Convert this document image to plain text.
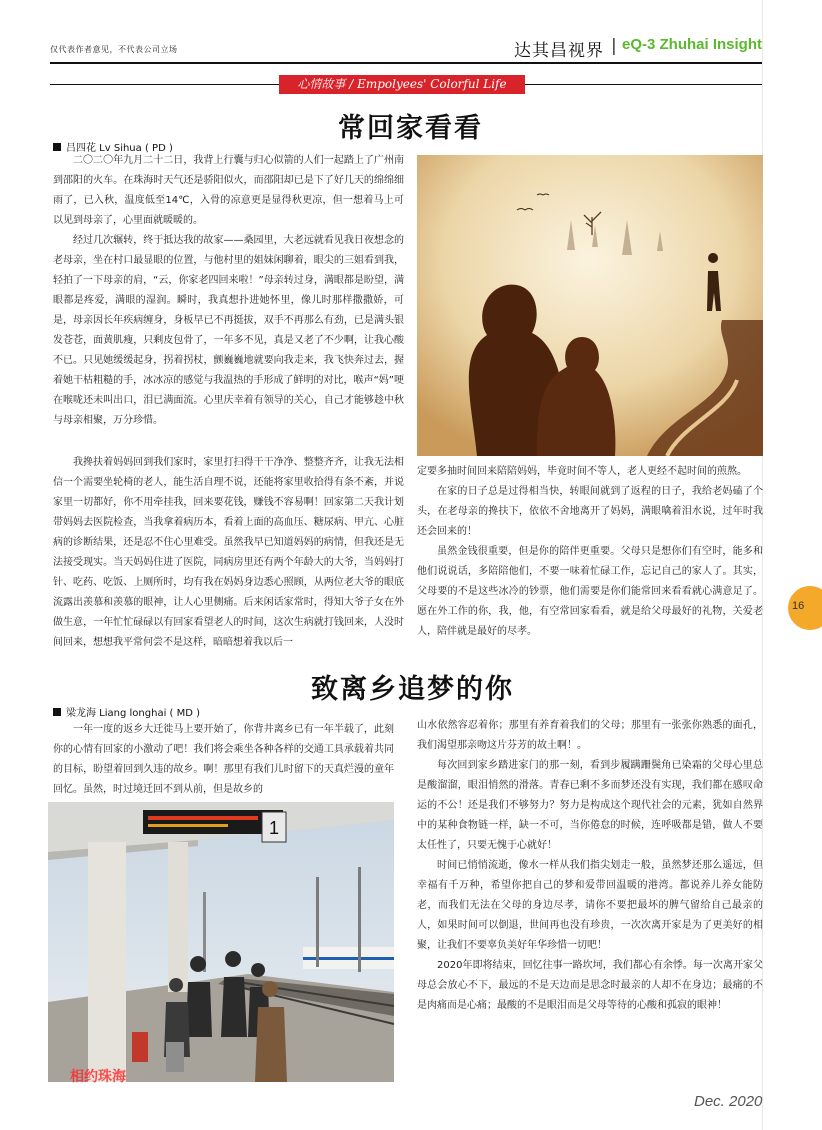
仅代表作者意见，不代表公司立场	达其昌视界 | eQ-3 Zhuhai Insight
心情故事 / Empolyees' Colorful Life
常回家看看
吕四花 Lv Sihua ( PD )

二〇二〇年九月二十二日，我背上行囊与归心似箭的人们一起踏上了广州南到邵阳的火车。在珠海时天气还是骄阳似火，而邵阳却已是下了好几天的绵绵细雨了，已入秋，温度低至14℃，入骨的凉意更是显得秋更凉，但一想着马上可以见到母亲了，心里面就暖暖的。

经过几次辗转，终于抵达我的故家——桑园里，大老远就看见我日夜想念的老母亲，坐在村口最显眼的位置，与他村里的姐妹闲聊着，眼尖的三姐看到我，轻拍了一下母亲的肩，“云，你家老四回来啦！”母亲转过身，满眼都是盼望，满眼都是疼爱，满眼的湿润。瞬时，我真想扑进她怀里，像儿时那样撒撒娇，可是，母亲因长年疾病缠身，身板早已不再挺拔，双手不再那么有劲，已是满头银发苍苍，面黄肌瘦，只剩皮包骨了，一年多不见，真是又老了不少啊，让我心酸不已。只见她缓缓起身，拐着拐杖，颤巍巍地就要向我走来，我飞快奔过去，握着她干枯粗糙的手，冰冰凉的感觉与我温热的手形成了鲜明的对比，喉声“妈”哽在喉咙还未叫出口，泪已满面流。心里庆幸着有领导的关心，自己才能够趁中秋与母亲相聚，万分珍惜。

我搀扶着妈妈回到我们家时，家里打扫得干干净净、整整齐齐，让我无法相信一个需要坐轮椅的老人，能生活自理不说，还能将家里收拾得有条不紊，并说家里一切都好，你不用牵挂我，回来要花钱，赚钱不容易啊！回家第二天我计划带妈妈去医院检查，当我拿着病历本，看着上面的高血压、糖尿病、甲亢、心脏病的诊断结果，还是忍不住心里难受。虽然我早已知道妈妈的病情，但我还是无法接受现实。当天妈妈住进了医院，同病房里还有两个年龄大的大爷，当妈妈打针、吃药、吃饭、上厕所时，均有我在妈妈身边悉心照顾，从两位老大爷的眼底流露出羡慕和羡慕的眼神，让人心里侧痛。后来闲话家常时，得知大爷子女在外做生意，一年忙忙碌碌以有回家看望老人的时间，这次生病就打钱回来，人没时间回来，想想我平常何尝不是这样，暗暗想着我以后一

定要多抽时间回来陪陪妈妈，毕竟时间不等人，老人更经不起时间的煎熬。

在家的日子总是过得相当快，转眼间就到了返程的日子，我给老妈磕了个头，在老母亲的搀扶下，依依不舍地离开了妈妈，满眼噙着泪水说，过年时我还会回来的！

虽然金钱很重要，但是你的陪伴更重要。父母只是想你们有空时，能多和他们说说话，多陪陪他们，不要一味着忙碌工作，忘记自己的家人了。其实，父母要的不是这些冰冷的钞票，他们需要是你们能常回来看看就心满意足了。愿在外工作的你，我，他，有空常回家看看，就是给父母最好的礼物，关爱老人，陪伴就是最好的尽孝。

致离乡追梦的你
梁龙海 Liang longhai ( MD )

一年一度的返乡大迁徙马上要开始了，你背井离乡已有一年半载了，此刻你的心情有回家的小激动了吧！我们将会乘坐各种各样的交通工具承载着共同的目标，盼望着回到久违的故乡。啊！那里有我们儿时留下的天真烂漫的童年回忆。虽然，时过境迁回不到从前，但是故乡的

1
相约珠海

山水依然容忍着你；那里有养育着我们的父母；那里有一张张你熟悉的面孔，我们渴望那亲吻这片芬芳的故土啊！。

每次回到家乡踏进家门的那一刻，看到步履蹒跚鬓角已染霜的父母心里总是酸溜溜，眼泪悄然的滑落。青春已剩不多而梦还没有实现，我们都在感叹命运的不公！还是我们不够努力？努力是构成这个现代社会的元素，犹如自然界中的某种食物链一样，缺一不可，当你倦怠的时候，连呼吸都是错，做人不要太任性了，只要无愧于心就好！

时间已悄悄流逝，像水一样从我们指尖划走一般，虽然梦还那么遥远，但幸福有千万种，希望你把自己的梦和爱带回温暖的港湾。都说养儿养女能防老，而我们无法在父母的身边尽孝，请你不要把最坏的脾气留给自己最亲的人，如果时间可以倒退，世间再也没有珍贵，一次次离开家是为了更美好的相聚，让我们不要辜负美好年华珍惜一切吧！

2020年即将结束，回忆往事一路坎坷，我们都心有余悸。每一次离开家父母总会放心不下，最远的不是天边而是思念时最亲的人却不在身边；最痛的不是肉痛而是心痛；最酸的不是眼泪而是父母等待的心酸和孤寂的眼神！

16
Dec. 2020
